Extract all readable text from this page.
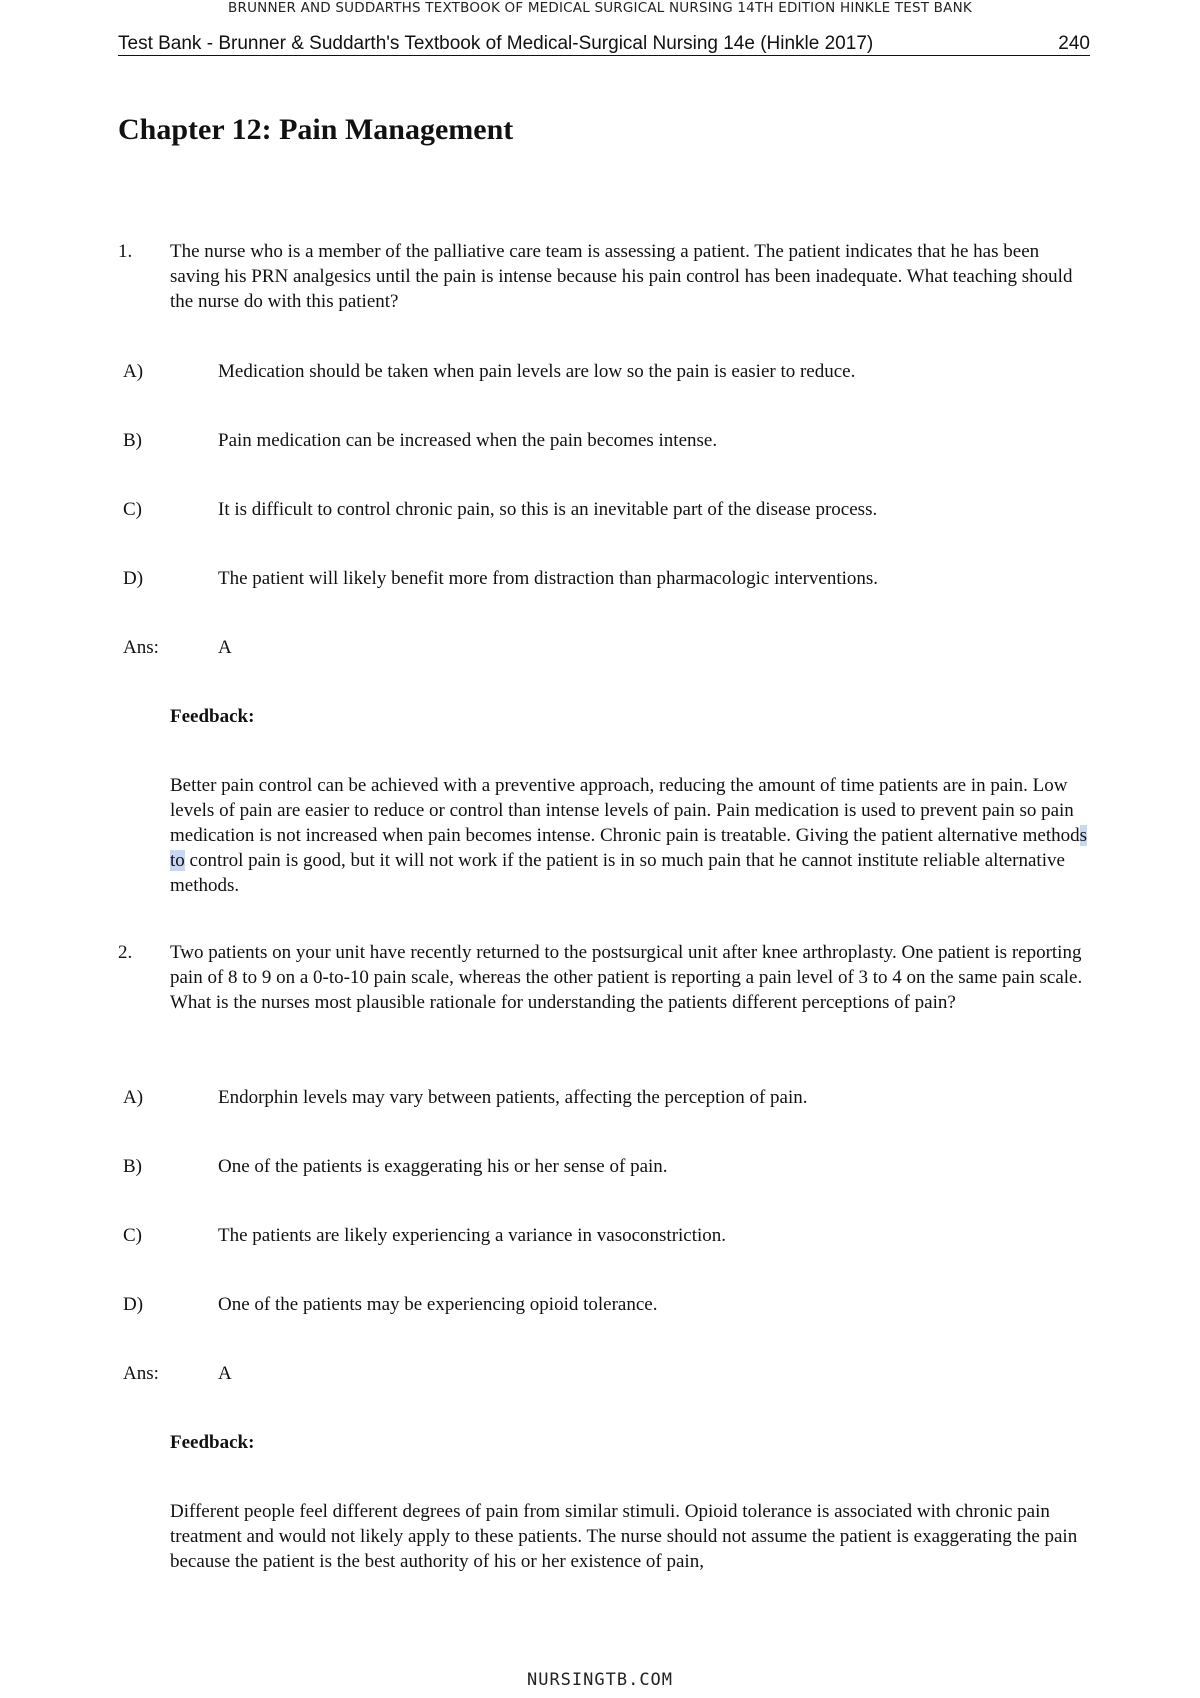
BRUNNER AND SUDDARTHS TEXTBOOK OF MEDICAL SURGICAL NURSING 14TH EDITION HINKLE TEST BANK
Test Bank - Brunner & Suddarth's Textbook of Medical-Surgical Nursing 14e (Hinkle 2017)	240
Chapter 12: Pain Management
1. The nurse who is a member of the palliative care team is assessing a patient. The patient indicates that he has been saving his PRN analgesics until the pain is intense because his pain control has been inadequate. What teaching should the nurse do with this patient?
A)	Medication should be taken when pain levels are low so the pain is easier to reduce.
B)	Pain medication can be increased when the pain becomes intense.
C)	It is difficult to control chronic pain, so this is an inevitable part of the disease process.
D)	The patient will likely benefit more from distraction than pharmacologic interventions.
Ans:	A
Feedback:
Better pain control can be achieved with a preventive approach, reducing the amount of time patients are in pain. Low levels of pain are easier to reduce or control than intense levels of pain. Pain medication is used to prevent pain so pain medication is not increased when pain becomes intense. Chronic pain is treatable. Giving the patient alternative methods to control pain is good, but it will not work if the patient is in so much pain that he cannot institute reliable alternative methods.
2. Two patients on your unit have recently returned to the postsurgical unit after knee arthroplasty. One patient is reporting pain of 8 to 9 on a 0-to-10 pain scale, whereas the other patient is reporting a pain level of 3 to 4 on the same pain scale. What is the nurses most plausible rationale for understanding the patients different perceptions of pain?
A)	Endorphin levels may vary between patients, affecting the perception of pain.
B)	One of the patients is exaggerating his or her sense of pain.
C)	The patients are likely experiencing a variance in vasoconstriction.
D)	One of the patients may be experiencing opioid tolerance.
Ans:	A
Feedback:
Different people feel different degrees of pain from similar stimuli. Opioid tolerance is associated with chronic pain treatment and would not likely apply to these patients. The nurse should not assume the patient is exaggerating the pain because the patient is the best authority of his or her existence of pain,
NURSINGTB.COM
